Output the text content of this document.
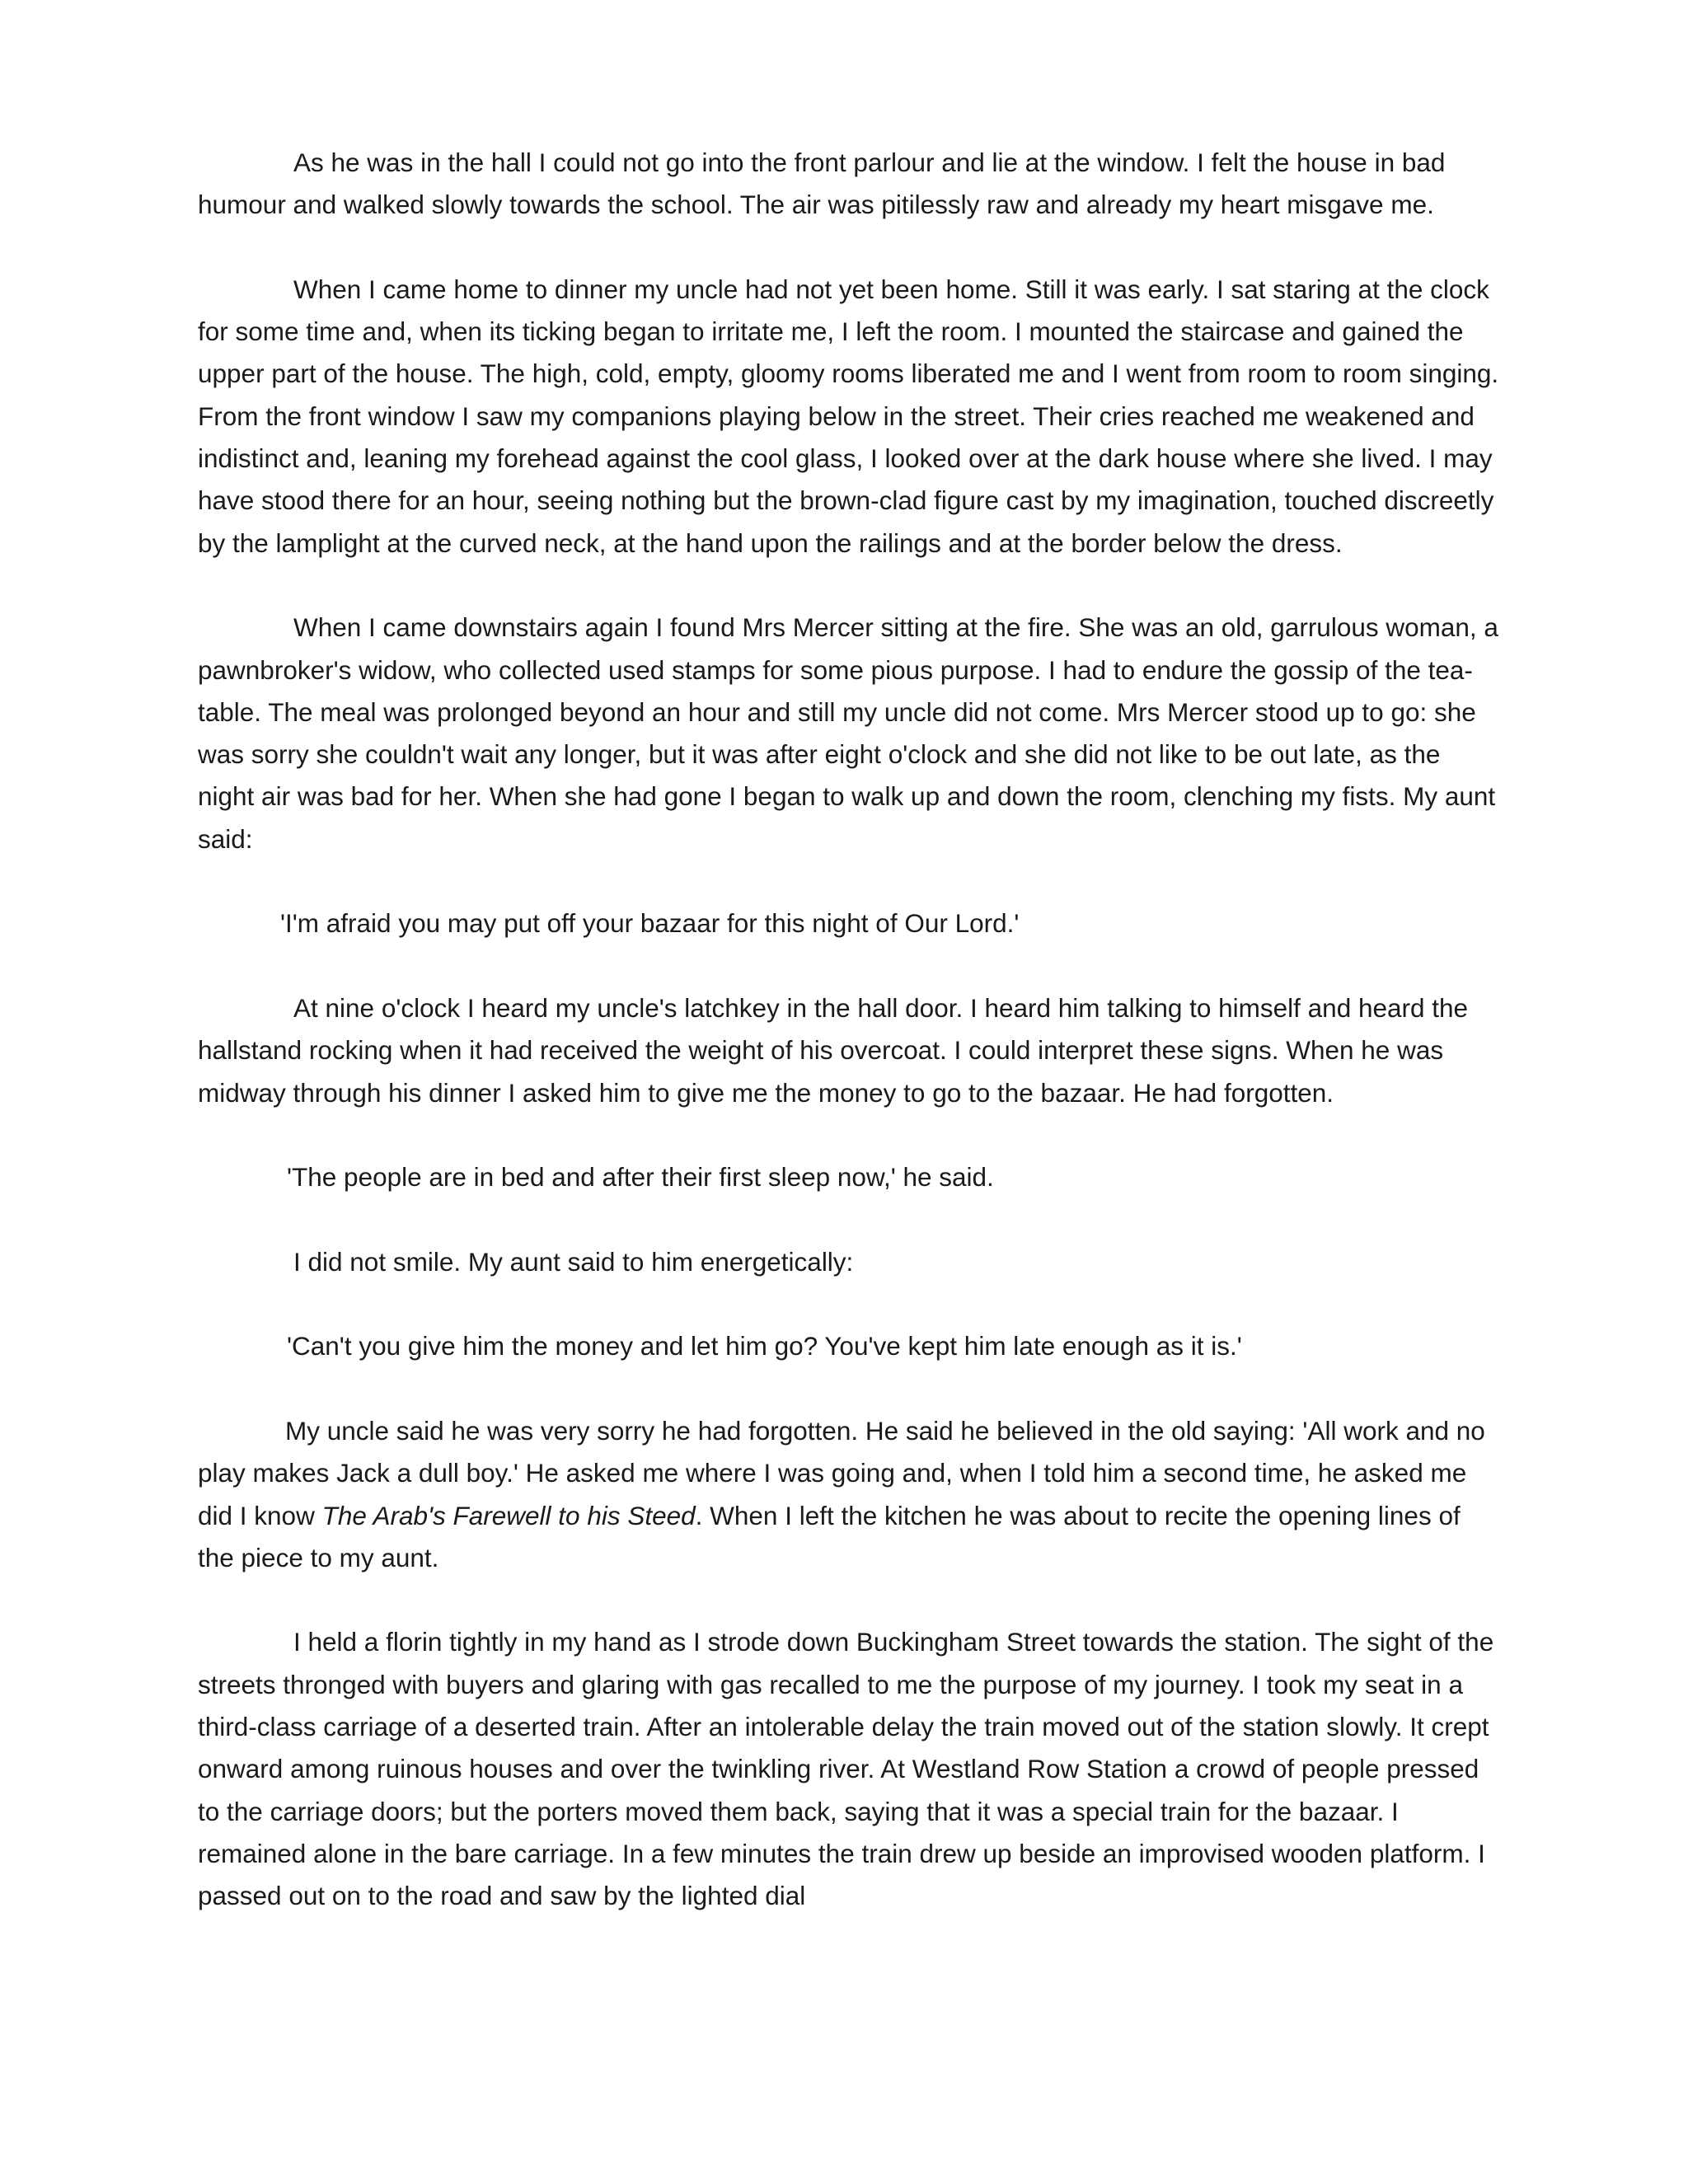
As he was in the hall I could not go into the front parlour and lie at the window. I felt the house in bad humour and walked slowly towards the school. The air was pitilessly raw and already my heart misgave me.

When I came home to dinner my uncle had not yet been home. Still it was early. I sat staring at the clock for some time and, when its ticking began to irritate me, I left the room. I mounted the staircase and gained the upper part of the house. The high, cold, empty, gloomy rooms liberated me and I went from room to room singing. From the front window I saw my companions playing below in the street. Their cries reached me weakened and indistinct and, leaning my forehead against the cool glass, I looked over at the dark house where she lived. I may have stood there for an hour, seeing nothing but the brown-clad figure cast by my imagination, touched discreetly by the lamplight at the curved neck, at the hand upon the railings and at the border below the dress.

When I came downstairs again I found Mrs Mercer sitting at the fire. She was an old, garrulous woman, a pawnbroker's widow, who collected used stamps for some pious purpose. I had to endure the gossip of the tea-table. The meal was prolonged beyond an hour and still my uncle did not come. Mrs Mercer stood up to go: she was sorry she couldn't wait any longer, but it was after eight o'clock and she did not like to be out late, as the night air was bad for her. When she had gone I began to walk up and down the room, clenching my fists. My aunt said:

'I'm afraid you may put off your bazaar for this night of Our Lord.'

At nine o'clock I heard my uncle's latchkey in the hall door. I heard him talking to himself and heard the hallstand rocking when it had received the weight of his overcoat. I could interpret these signs. When he was midway through his dinner I asked him to give me the money to go to the bazaar. He had forgotten.

'The people are in bed and after their first sleep now,' he said.

I did not smile. My aunt said to him energetically:

'Can't you give him the money and let him go? You've kept him late enough as it is.'

My uncle said he was very sorry he had forgotten. He said he believed in the old saying: 'All work and no play makes Jack a dull boy.' He asked me where I was going and, when I told him a second time, he asked me did I know The Arab's Farewell to his Steed. When I left the kitchen he was about to recite the opening lines of the piece to my aunt.

I held a florin tightly in my hand as I strode down Buckingham Street towards the station. The sight of the streets thronged with buyers and glaring with gas recalled to me the purpose of my journey. I took my seat in a third-class carriage of a deserted train. After an intolerable delay the train moved out of the station slowly. It crept onward among ruinous houses and over the twinkling river. At Westland Row Station a crowd of people pressed to the carriage doors; but the porters moved them back, saying that it was a special train for the bazaar. I remained alone in the bare carriage. In a few minutes the train drew up beside an improvised wooden platform. I passed out on to the road and saw by the lighted dial
